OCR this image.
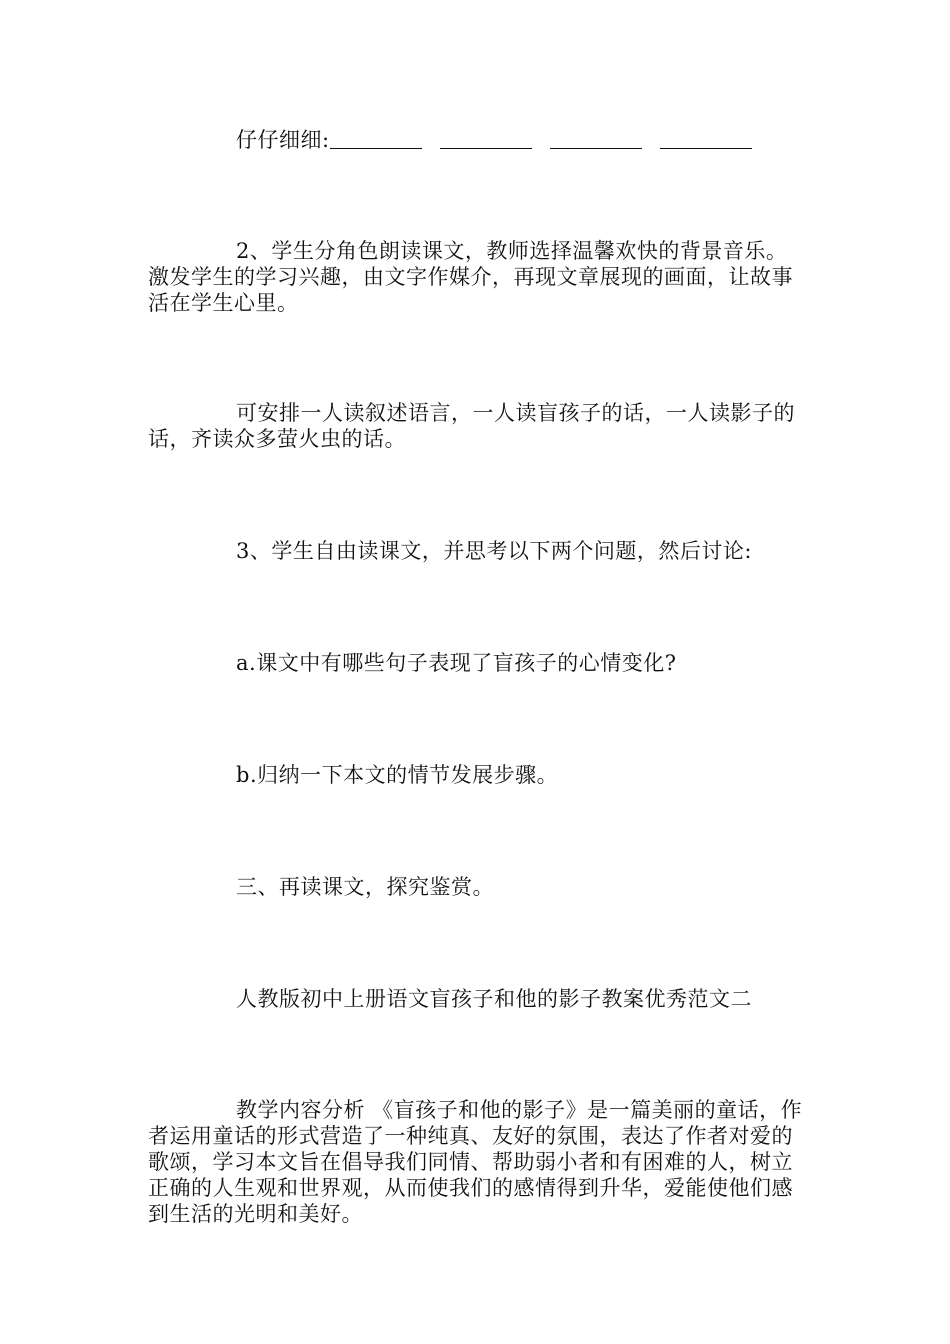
仔仔细细:

2、学生分角色朗读课文，教师选择温馨欢快的背景音乐。激发学生的学习兴趣，由文字作媒介，再现文章展现的画面，让故事活在学生心里。

可安排一人读叙述语言，一人读盲孩子的话，一人读影子的话，齐读众多萤火虫的话。

3、学生自由读课文，并思考以下两个问题，然后讨论:

a.课文中有哪些句子表现了盲孩子的心情变化?

b.归纳一下本文的情节发展步骤。

三、再读课文，探究鉴赏。

人教版初中上册语文盲孩子和他的影子教案优秀范文二

教学内容分析 《盲孩子和他的影子》是一篇美丽的童话，作者运用童话的形式营造了一种纯真、友好的氛围，表达了作者对爱的歌颂，学习本文旨在倡导我们同情、帮助弱小者和有困难的人，树立正确的人生观和世界观，从而使我们的感情得到升华，爱能使他们感到生活的光明和美好。
